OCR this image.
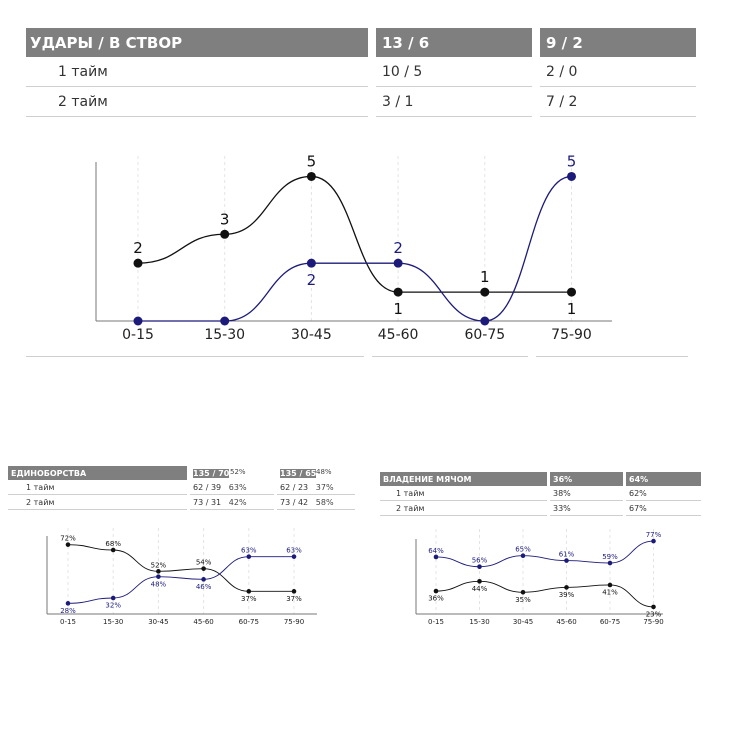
УДАРЫ / В СТВОР		13 / 6		9 / 2
1 тайм		10 / 5		2 / 0
2 тайм		3 / 1		7 / 2
0-15	15-30	30-45	45-60	60-75	75-90
2
3
5
1
1
1
2
2
5
ЕДИНОБОРСТВА		135 / 70		135 / 65
1 тайм		62 / 39 63%		62 / 23 37%
2 тайм		73 / 31 42%		73 / 42 58%
52%	48%
0-15	15-30	30-45	45-60	60-75	75-90
72%
68%
52%	54%
37%	37%
28%
32%
48%	46%
63%	63%
ВЛАДЕНИЕ МЯЧОМ		36%		64%
1 тайм		38%		62%
2 тайм		33%		67%
0-15	15-30	30-45	45-60	60-75	75-90
36%
44%
35%
39%	41%
23%
64%
56%
65%
61%	59%
77%
